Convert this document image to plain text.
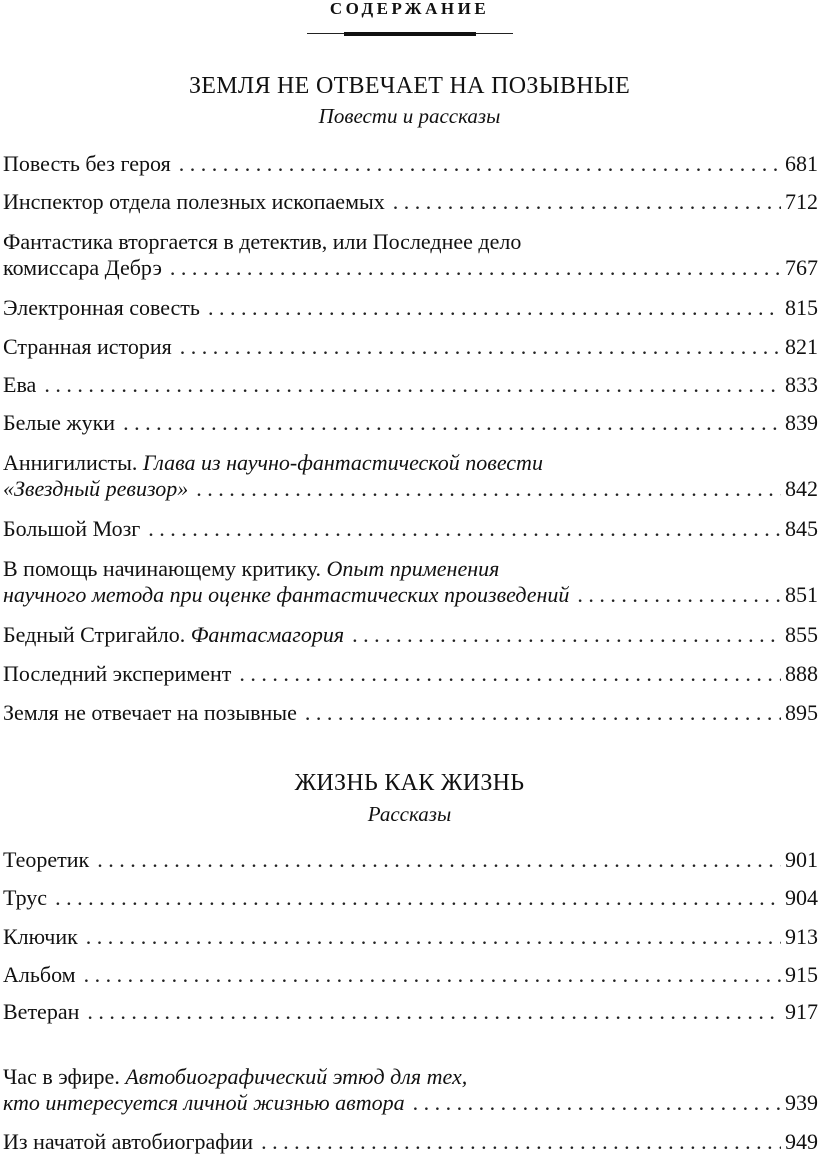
СОДЕРЖАНИЕ
ЗЕМЛЯ НЕ ОТВЕЧАЕТ НА ПОЗЫВНЫЕ
Повести и рассказы
Повесть без героя . . .	681
Инспектор отдела полезных ископаемых . . .	712
Фантастика вторгается в детектив, или Последнее дело
комиссара Дебрэ . . .	767
Электронная совесть . . .	815
Странная история . . .	821
Ева . . .	833
Белые жуки . . .	839
Аннигилисты. Глава из научно-фантастической повести
«Звездный ревизор» . . .	842
Большой Мозг . . .	845
В помощь начинающему критику. Опыт применения
научного метода при оценке фантастических произведений . . .	851
Бедный Стригайло. Фантасмагория . . .	855
Последний эксперимент . . .	888
Земля не отвечает на позывные . . .	895
ЖИЗНЬ КАК ЖИЗНЬ
Рассказы
Теоретик . . .	901
Трус . . .	904
Ключик . . .	913
Альбом . . .	915
Ветеран . . .	917
Час в эфире. Автобиографический этюд для тех,
кто интересуется личной жизнью автора . . .	939
Из начатой автобиографии . . .	949
